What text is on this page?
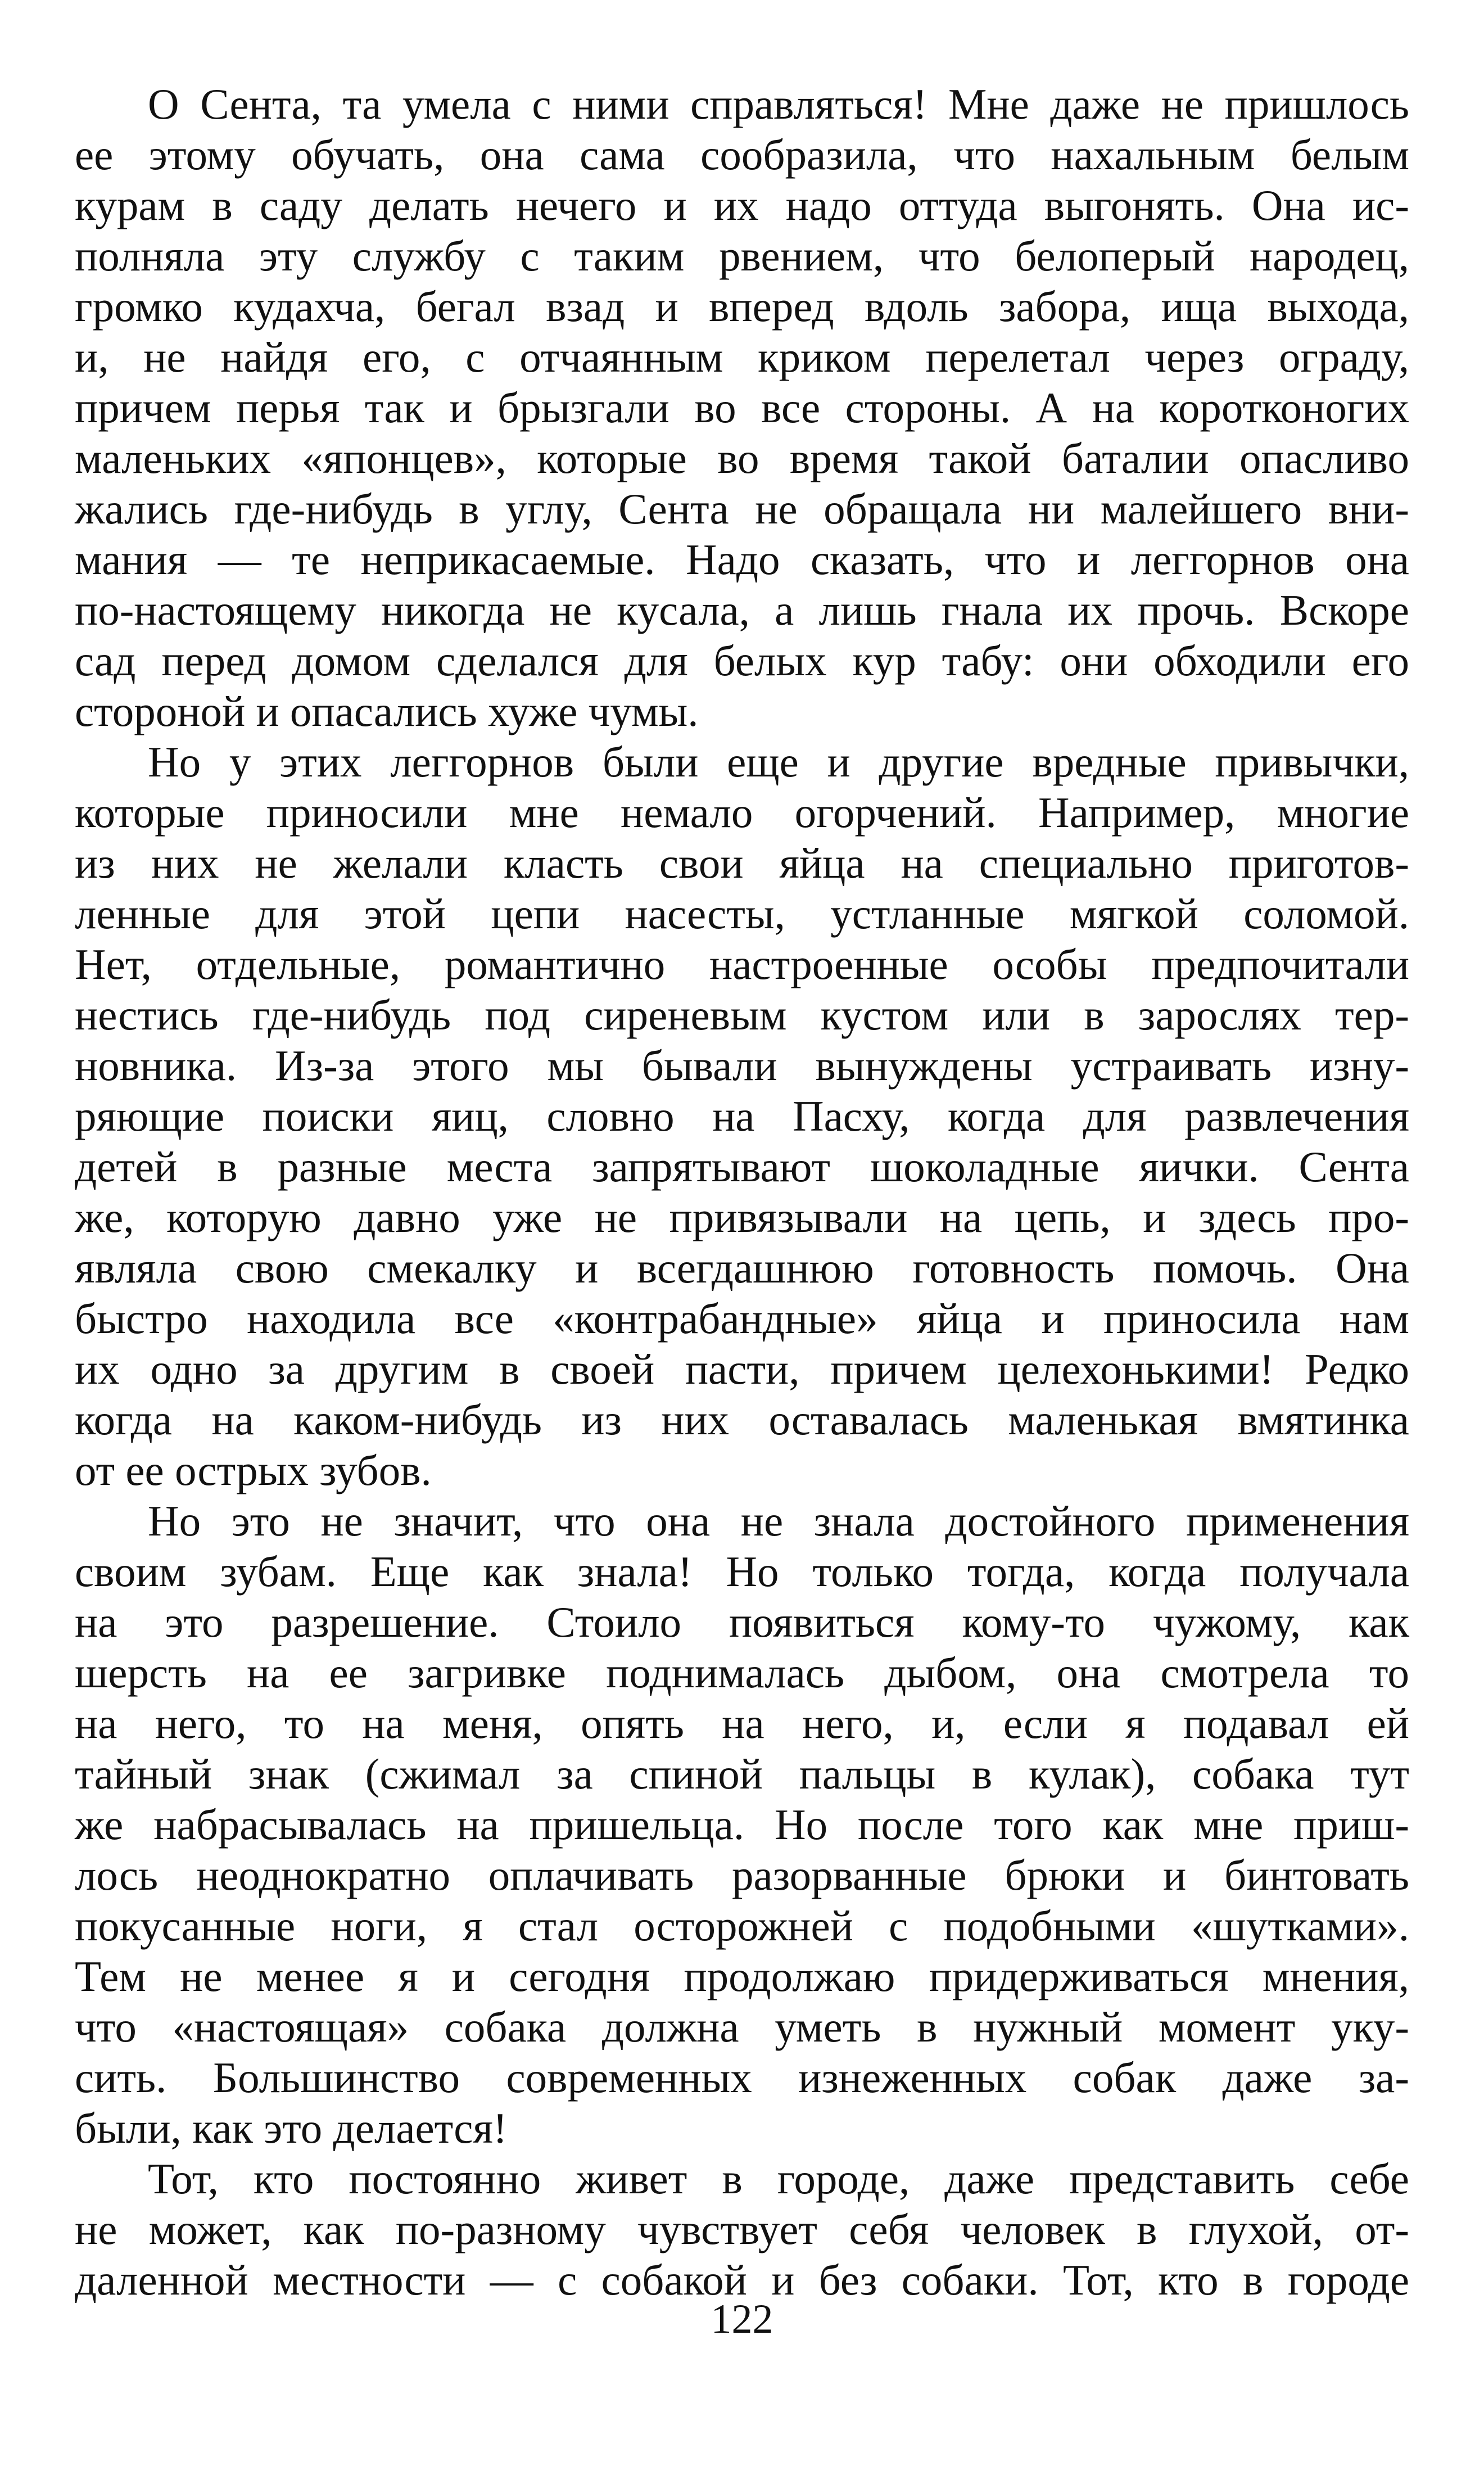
О Сента, та умела с ними справляться! Мне даже не пришлось
ее этому обучать, она сама сообразила, что нахальным белым
курам в саду делать нечего и их надо оттуда выгонять. Она ис-
полняла эту службу с таким рвением, что белоперый народец,
громко кудахча, бегал взад и вперед вдоль забора, ища выхода,
и, не найдя его, с отчаянным криком перелетал через ограду,
причем перья так и брызгали во все стороны. А на коротконогих
маленьких «японцев», которые во время такой баталии опасливо
жались где-нибудь в углу, Сента не обращала ни малейшего вни-
мания — те неприкасаемые. Надо сказать, что и леггорнов она
по-настоящему никогда не кусала, а лишь гнала их прочь. Вскоре
сад перед домом сделался для белых кур табу: они обходили его
стороной и опасались хуже чумы.
Но у этих леггорнов были еще и другие вредные привычки,
которые приносили мне немало огорчений. Например, многие
из них не желали класть свои яйца на специально приготов-
ленные для этой цепи насесты, устланные мягкой соломой.
Нет, отдельные, романтично настроенные особы предпочитали
нестись где-нибудь под сиреневым кустом или в зарослях тер-
новника. Из-за этого мы бывали вынуждены устраивать изну-
ряющие поиски яиц, словно на Пасху, когда для развлечения
детей в разные места запрятывают шоколадные яички. Сента
же, которую давно уже не привязывали на цепь, и здесь про-
являла свою смекалку и всегдашнюю готовность помочь. Она
быстро находила все «контрабандные» яйца и приносила нам
их одно за другим в своей пасти, причем целехонькими! Редко
когда на каком-нибудь из них оставалась маленькая вмятинка
от ее острых зубов.
Но это не значит, что она не знала достойного применения
своим зубам. Еще как знала! Но только тогда, когда получала
на это разрешение. Стоило появиться кому-то чужому, как
шерсть на ее загривке поднималась дыбом, она смотрела то
на него, то на меня, опять на него, и, если я подавал ей
тайный знак (сжимал за спиной пальцы в кулак), собака тут
же набрасывалась на пришельца. Но после того как мне приш-
лось неоднократно оплачивать разорванные брюки и бинтовать
покусанные ноги, я стал осторожней с подобными «шутками».
Тем не менее я и сегодня продолжаю придерживаться мнения,
что «настоящая» собака должна уметь в нужный момент уку-
сить. Большинство современных изнеженных собак даже за-
были, как это делается!
Тот, кто постоянно живет в городе, даже представить себе
не может, как по-разному чувствует себя человек в глухой, от-
даленной местности — с собакой и без собаки. Тот, кто в городе
122
